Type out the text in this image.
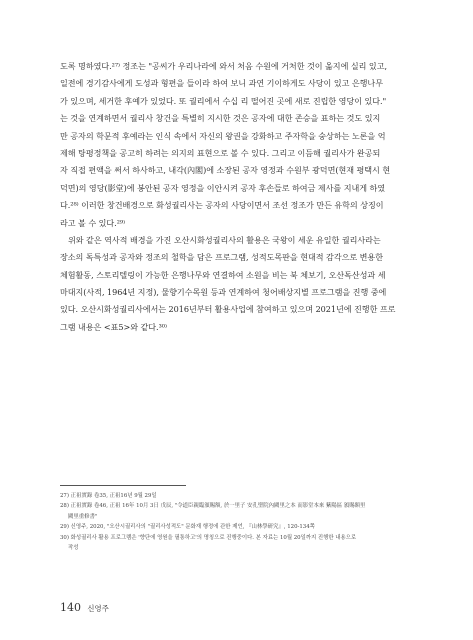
도록 명하였다.²⁷⁾ 정조는 "공씨가 우리나라에 와서 처음 수원에 거처한 것이 옮지에 실리 있고,
일전에 경기감사에게 도성과 형편을 들이라 하여 보니 과연 기이하게도 사당이 있고 은행나무
가 있으며, 세거한 후예가 있었다. 또 궐리에서 수십 리 떨어진 곳에 새로 진립한 영당이 있다."
는 것을 연계하면서 궐리사 창건을 특별히 지시한 것은 공자에 대한 존승을 표하는 것도 있지
만 공자의 학문적 후예라는 인식 속에서 자신의 왕권을 강화하고 주자학을 숭상하는 노론을 억
제해 탕평정책을 공고히 하려는 의지의 표현으로 볼 수 있다. 그리고 이듬해 궐리사가 완공되
자 직접 편액을 써서 하사하고, 내각(內閣)에 소장된 공자 영정과 수원부 광덕면(현재 평택시 현
덕면)의 영당(影堂)에 봉안된 공자 영정을 이안시켜 공자 후손들로 하여금 제사를 지내게 하였
다.²⁸⁾ 이러한 창건배경으로 화성궐리사는 공자의 사당이면서 조선 정조가 만든 유학의 상징이
라고 볼 수 있다.²⁹⁾
위와 같은 역사적 배경을 가진 오산시화성궐리사의 활용은 국왕이 세운 유일한 궐리사라는
장소의 독특성과 공자와 정조의 철학을 담은 프로그램, 성적도목판을 현대적 감각으로 변용한
체험활동, 스토리텔링이 가능한 은행나무와 연결하여 소원을 비는 북 체보기, 오산독산성과 세
마대지(사적, 1964년 지정), 물향기수목원 등과 연계하여 청어배상지별 프로그램을 진행 중에
있다. 오산시화성궐리사에서는 2016년부터 활용사업에 참여하고 있으며 2021년에 진행한 프로
그램 내용은 <표5>와 같다.³⁰⁾
27) 正祖實錄 卷35, 正祖16년 9월 29일
28) 正祖實錄 卷46, 正祖 16年 10月 3日 戊辰, "令道臣親臨頒賜額, 於一里子 安孔聖院內闕里之本 而影堂本來 紫陽區 頒賜額里
闕里重修書"
29) 신영주, 2020, "오산시궐리사의 "궐리사성적도" 문화재 행정에 관한 제언, 『山林學研究』, 120-134쪽
30) 화성궐리사 활용 프로그램은 '향단에 영원을 필통하고'의 명칭으로 진행중이다. 본 자료는 10월 20일까지 진행한 내용으로
작성
140 신영주
